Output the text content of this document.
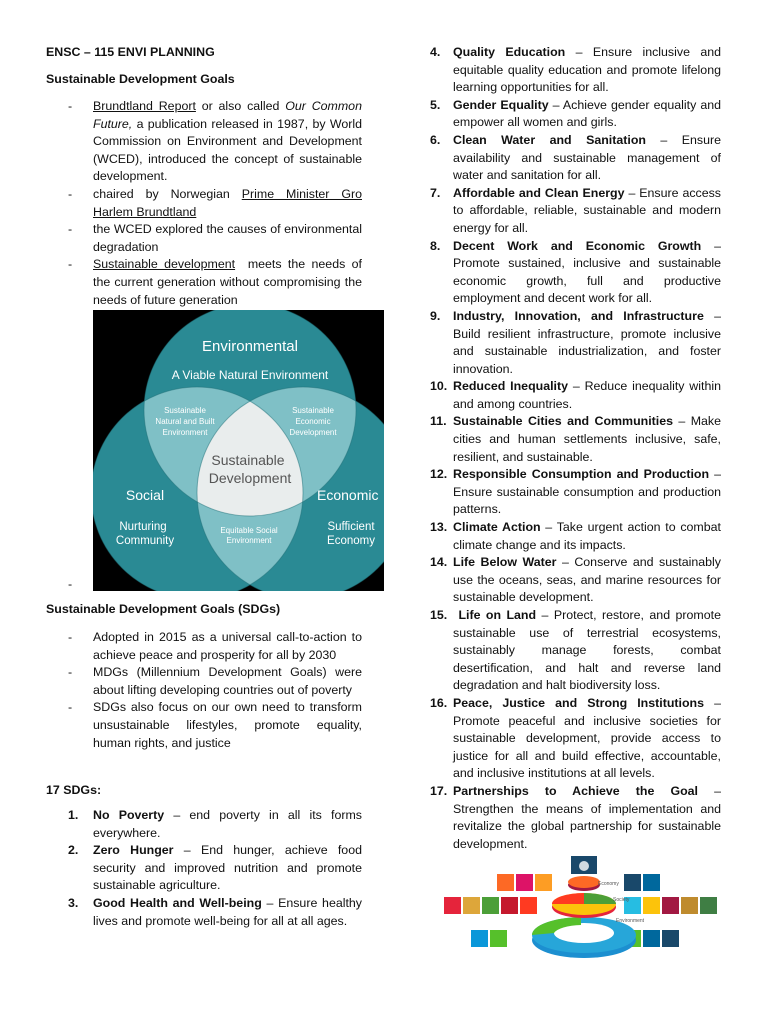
ENSC – 115 ENVI PLANNING
Sustainable Development Goals
- Brundtland Report or also called Our Common Future, a publication released in 1987, by World Commission on Environment and Development (WCED), introduced the concept of sustainable development.
- chaired by Norwegian Prime Minister Gro Harlem Brundtland
- the WCED explored the causes of environmental degradation
- Sustainable development  meets the needs of the current generation without compromising the needs of future generation
-
Sustainable Development Goals (SDGs)
- Adopted in 2015 as a universal call-to-action to achieve peace and prosperity for all by 2030
- MDGs (Millennium Development Goals) were about lifting developing countries out of poverty
- SDGs also focus on our own need to transform unsustainable lifestyles, promote equality, human rights, and justice
17 SDGs:
1. No Poverty – end poverty in all its forms everywhere.
2. Zero Hunger – End hunger, achieve food security and improved nutrition and promote sustainable agriculture.
3. Good Health and Well-being – Ensure healthy lives and promote well-being for all at all ages.
Environmental
A Viable Natural Environment
Social
Nurturing
Community
Economic
Sufficient
Economy
Sustainable
Natural and Built
Environment
Sustainable
Economic
Development
Equitable Social
Environment
Sustainable
Development
4. Quality Education – Ensure inclusive and equitable quality education and promote lifelong learning opportunities for all.
5. Gender Equality – Achieve gender equality and empower all women and girls.
6. Clean Water and Sanitation – Ensure availability and sustainable management of water and sanitation for all.
7. Affordable and Clean Energy – Ensure access to affordable, reliable, sustainable and modern energy for all.
8. Decent Work and Economic Growth – Promote sustained, inclusive and sustainable economic growth, full and productive employment and decent work for all.
9. Industry, Innovation, and Infrastructure – Build resilient infrastructure, promote inclusive and sustainable industrialization, and foster innovation.
10. Reduced Inequality – Reduce inequality within and among countries.
11. Sustainable Cities and Communities – Make cities and human settlements inclusive, safe, resilient, and sustainable.
12. Responsible Consumption and Production – Ensure sustainable consumption and production patterns.
13. Climate Action – Take urgent action to combat climate change and its impacts.
14. Life Below Water – Conserve and sustainably use the oceans, seas, and marine resources for sustainable development.
15. Life on Land – Protect, restore, and promote sustainable use of terrestrial ecosystems, sustainably manage forests, combat desertification, and halt and reverse land degradation and halt biodiversity loss.
16. Peace, Justice and Strong Institutions – Promote peaceful and inclusive societies for sustainable development, provide access to justice for all and build effective, accountable, and inclusive institutions at all levels.
17. Partnerships to Achieve the Goal – Strengthen the means of implementation and revitalize the global partnership for sustainable development.
Economy
Society
Environment
